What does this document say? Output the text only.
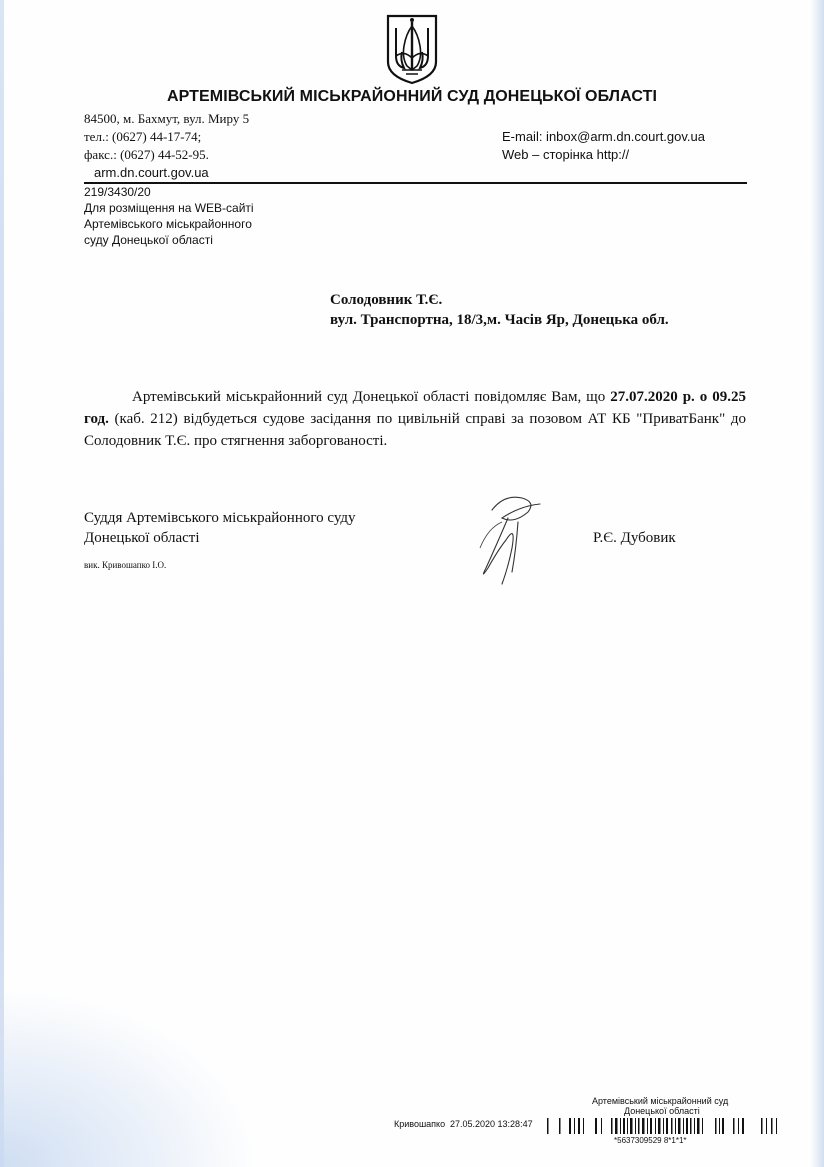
АРТЕМІВСЬКИЙ МІСЬКРАЙОННИЙ СУД ДОНЕЦЬКОЇ ОБЛАСТІ
84500, м. Бахмут, вул. Миру 5
тел.: (0627) 44-17-74;
факс.: (0627) 44-52-95.
arm.dn.court.gov.ua
E-mail: inbox@arm.dn.court.gov.ua
Web – сторінка http://
219/3430/20
Для розміщення на WEB-сайті
Артемівського міськрайонного
суду Донецької області
Солодовник Т.Є.
вул. Транспортна, 18/3,м. Часів Яр, Донецька обл.
Артемівський міськрайонний суд Донецької області повідомляє Вам, що 27.07.2020 р. о 09.25 год. (каб. 212) відбудеться судове засідання по цивільній справі за позовом АТ КБ "ПриватБанк" до Солодовник Т.Є. про стягнення заборгованості.
Суддя Артемівського міськрайонного суду
Донецької області	Р.Є. Дубовик
вик. Кривошапко І.О.
Артемівський міськрайонний суд
Донецької області
Кривошапко 27.05.2020 13:28:47
*5637309529 8*1*1*
